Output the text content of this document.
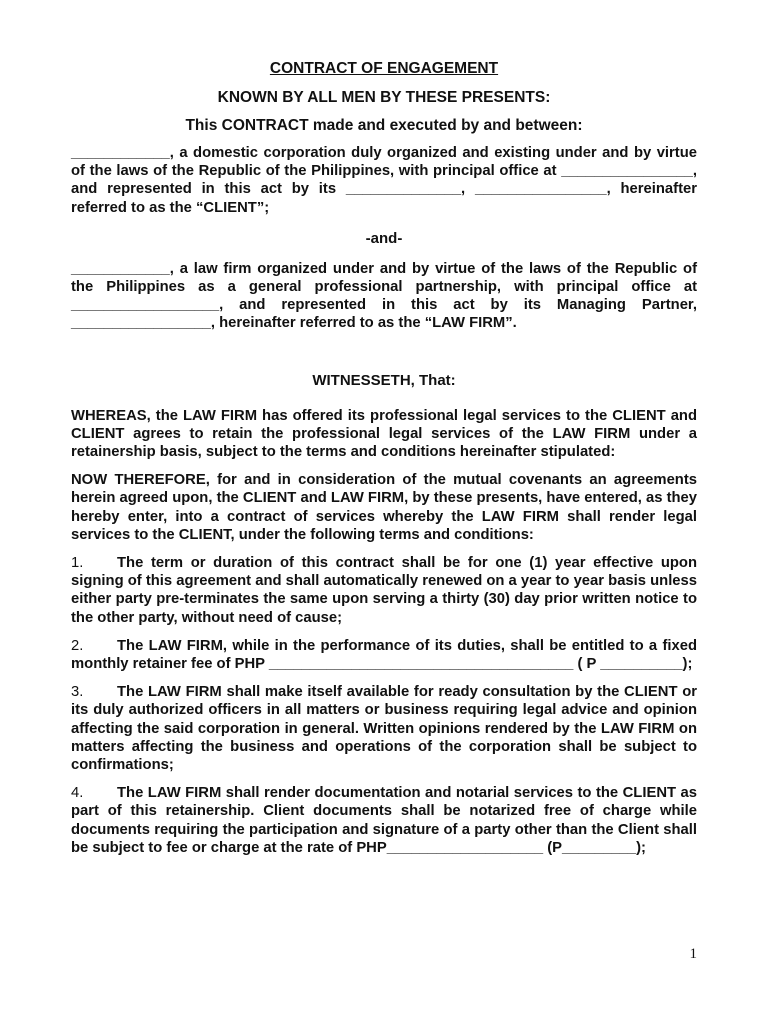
CONTRACT OF ENGAGEMENT

KNOWN BY ALL MEN BY THESE PRESENTS:

This CONTRACT made and executed by and between:

____________, a domestic corporation duly organized and existing under and by virtue of the laws of the Republic of the Philippines, with principal office at ________________, and represented in this act by its ______________, ________________, hereinafter referred to as the “CLIENT”;

-and-

____________, a law firm organized under and by virtue of the laws of the Republic of the Philippines as a general professional partnership, with principal office at __________________, and represented in this act by its Managing Partner, _________________, hereinafter referred to as the “LAW FIRM”.

WITNESSETH, That:

WHEREAS, the LAW FIRM has offered its professional legal services to the CLIENT and CLIENT agrees to retain the professional legal services of the LAW FIRM under a retainership basis, subject to the terms and conditions hereinafter stipulated:

NOW THEREFORE, for and in consideration of the mutual covenants an agreements herein agreed upon, the CLIENT and LAW FIRM, by these presents, have entered, as they hereby enter, into a contract of services whereby the LAW FIRM shall render legal services to the CLIENT, under the following terms and conditions:

1. The term or duration of this contract shall be for one (1) year effective upon signing of this agreement and shall automatically renewed on a year to year basis unless either party pre-terminates the same upon serving a thirty (30) day prior written notice to the other party, without need of cause;

2. The LAW FIRM, while in the performance of its duties, shall be entitled to a fixed monthly retainer fee of PHP _____________________________________ ( P __________);

3. The LAW FIRM shall make itself available for ready consultation by the CLIENT or its duly authorized officers in all matters or business requiring legal advice and opinion affecting the said corporation in general. Written opinions rendered by the LAW FIRM on matters affecting the business and operations of the corporation shall be subject to confirmations;

4. The LAW FIRM shall render documentation and notarial services to the CLIENT as part of this retainership. Client documents shall be notarized free of charge while documents requiring the participation and signature of a party other than the Client shall be subject to fee or charge at the rate of PHP___________________ (P_________);

1
